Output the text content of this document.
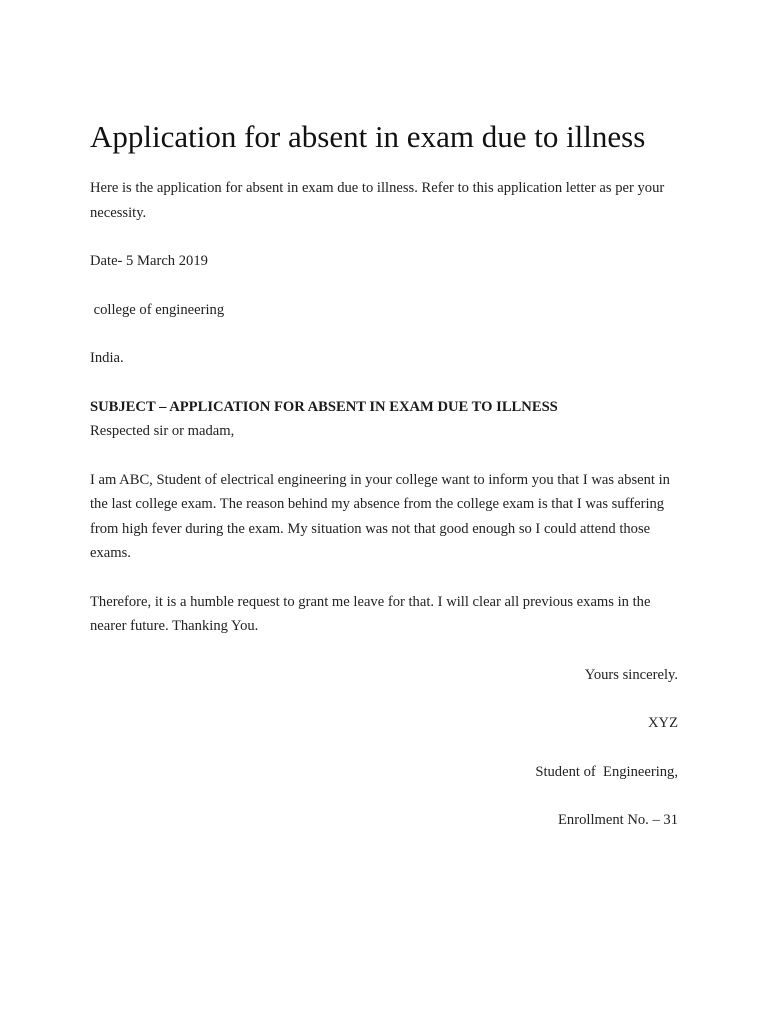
Application for absent in exam due to illness

Here is the application for absent in exam due to illness. Refer to this application letter as per your necessity.

Date- 5 March 2019

college of engineering

India.

SUBJECT – APPLICATION FOR ABSENT IN EXAM DUE TO ILLNESS

Respected sir or madam,

I am ABC, Student of electrical engineering in your college want to inform you that I was absent in the last college exam. The reason behind my absence from the college exam is that I was suffering from high fever during the exam. My situation was not that good enough so I could attend those exams.

Therefore, it is a humble request to grant me leave for that. I will clear all previous exams in the nearer future. Thanking You.

Yours sincerely.

XYZ

Student of  Engineering,

Enrollment No. – 31
